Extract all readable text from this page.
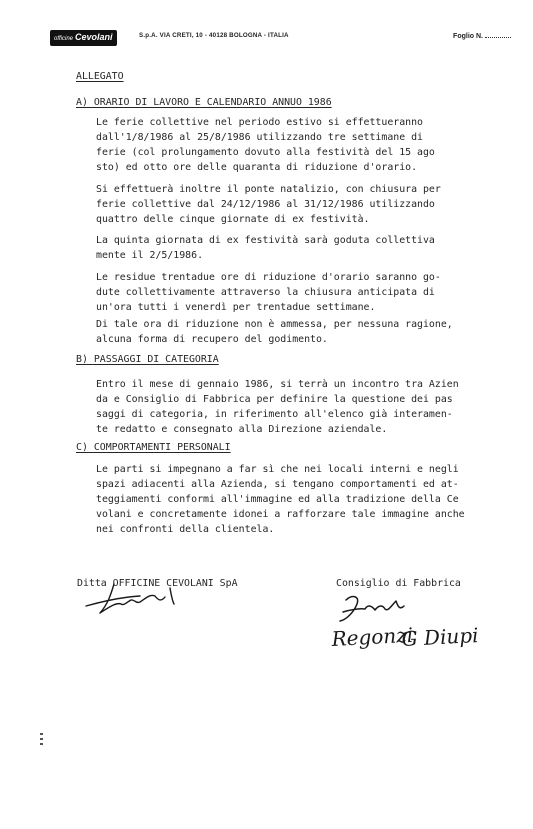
officine Cevolani	S.p.A. VIA CRETI, 10 - 40128 BOLOGNA - ITALIA	Foglio N.
ALLEGATO
A) ORARIO DI LAVORO E CALENDARIO ANNUO 1986
Le ferie collettive nel periodo estivo si effettueranno
dall'1/8/1986 al 25/8/1986 utilizzando tre settimane di
ferie (col prolungamento dovuto alla festività del 15 ago
sto) ed otto ore delle quaranta di riduzione d'orario.
Si effettuerà inoltre il ponte natalizio, con chiusura per
ferie collettive dal 24/12/1986 al 31/12/1986 utilizzando
quattro delle cinque giornate di ex festività.
La quinta giornata di ex festività sarà goduta collettiva
mente il 2/5/1986.
Le residue trentadue ore di riduzione d'orario saranno go-
dute collettivamente attraverso la chiusura anticipata di
un'ora tutti i venerdì per trentadue settimane.
Di tale ora di riduzione non è ammessa, per nessuna ragione,
alcuna forma di recupero del godimento.
B) PASSAGGI DI CATEGORIA
Entro il mese di gennaio 1986, si terrà un incontro tra Azien
da e Consiglio di Fabbrica per definire la questione dei pas
saggi di categoria, in riferimento all'elenco già interamen-
te redatto e consegnato alla Direzione aziendale.
C) COMPORTAMENTI PERSONALI
Le parti si impegnano a far sì che nei locali interni e negli
spazi adiacenti alla Azienda, si tengano comportamenti ed at-
teggiamenti conformi all'immagine ed alla tradizione della Ce
volani e concretamente idonei a rafforzare tale immagine anche
nei confronti della clientela.
Ditta OFFICINE CEVOLANI SpA	Consiglio di Fabbrica
Regonzi
G Diupi
